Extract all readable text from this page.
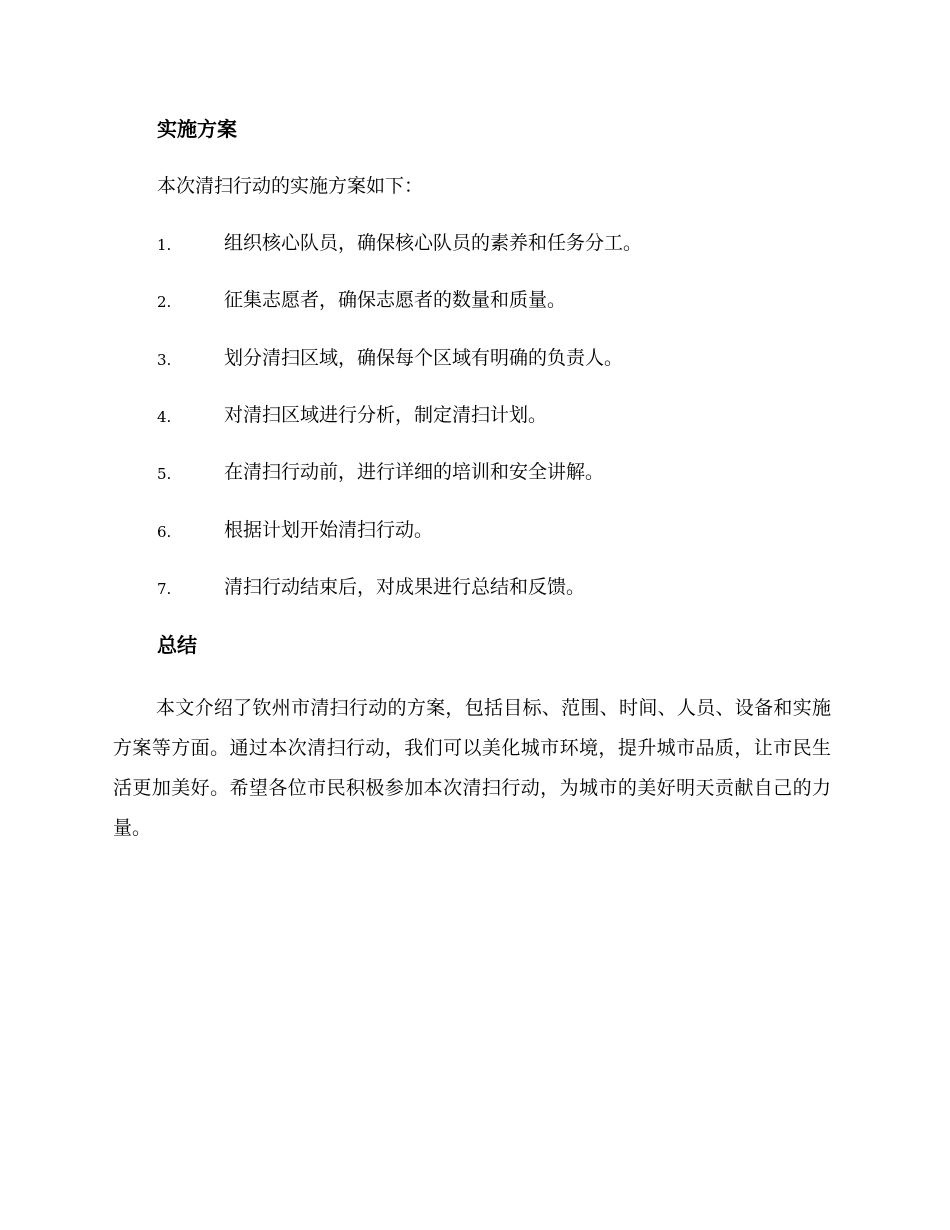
实施方案
本次清扫行动的实施方案如下：
1.	组织核心队员，确保核心队员的素养和任务分工。
2.	征集志愿者，确保志愿者的数量和质量。
3.	划分清扫区域，确保每个区域有明确的负责人。
4.	对清扫区域进行分析，制定清扫计划。
5.	在清扫行动前，进行详细的培训和安全讲解。
6.	根据计划开始清扫行动。
7.	清扫行动结束后，对成果进行总结和反馈。
总结

本文介绍了钦州市清扫行动的方案，包括目标、范围、时间、人员、设备和实施方案等方面。通过本次清扫行动，我们可以美化城市环境，提升城市品质，让市民生活更加美好。希望各位市民积极参加本次清扫行动，为城市的美好明天贡献自己的力量。
